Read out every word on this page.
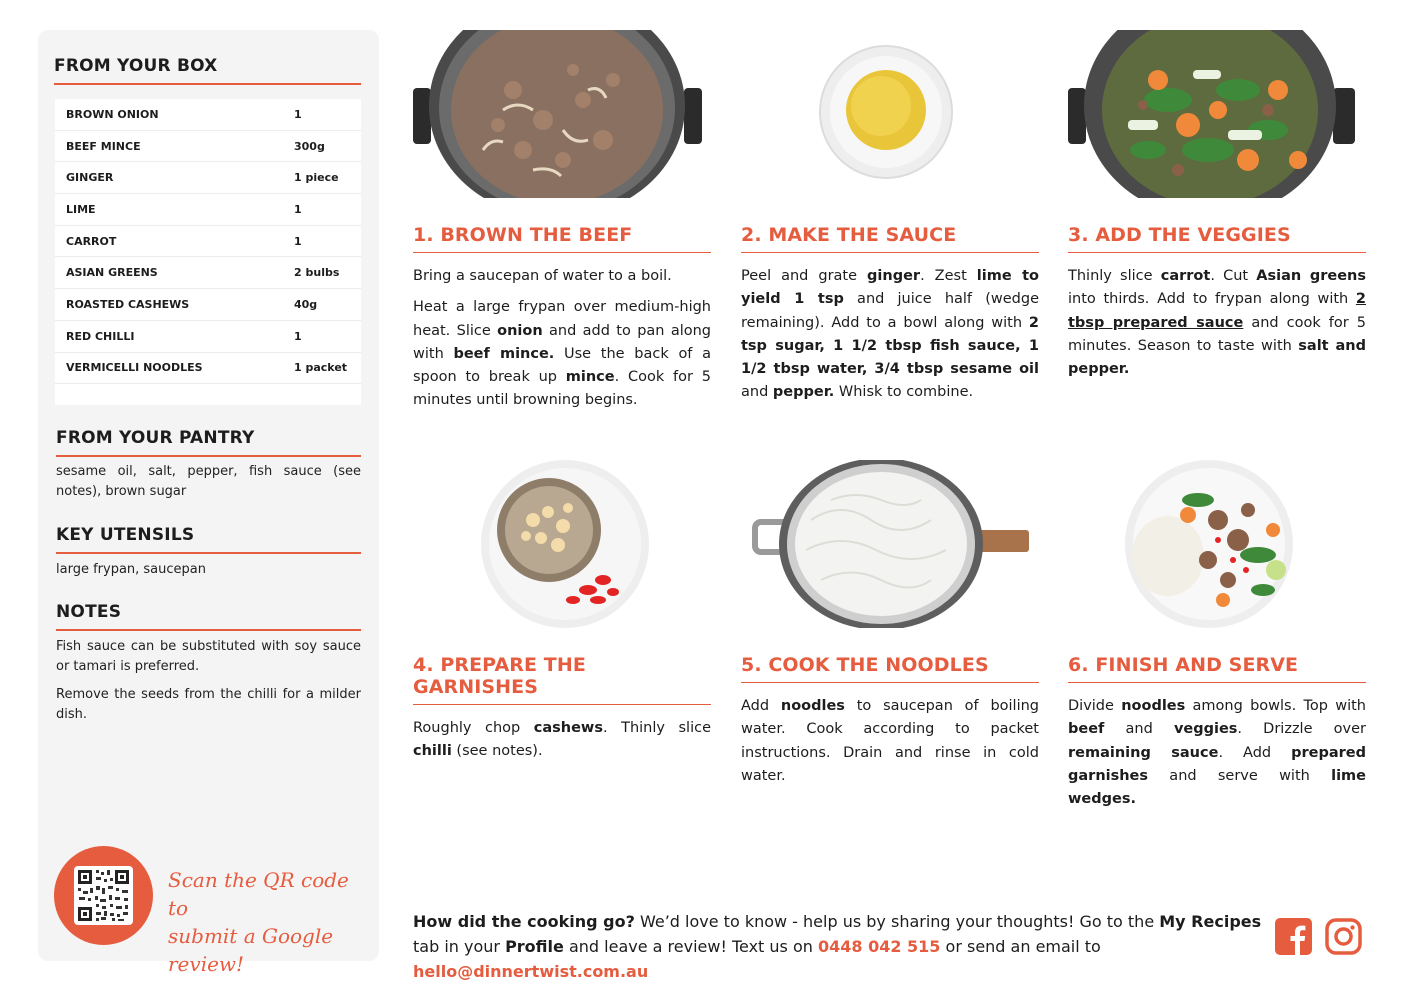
FROM YOUR BOX
BROWN ONION	1
BEEF MINCE	300g
GINGER	1 piece
LIME	1
CARROT	1
ASIAN GREENS	2 bulbs
ROASTED CASHEWS	40g
RED CHILLI	1
VERMICELLI NOODLES	1 packet
FROM YOUR PANTRY
sesame oil, salt, pepper, fish sauce (see notes), brown sugar
KEY UTENSILS
large frypan, saucepan
NOTES

Fish sauce can be substituted with soy sauce or tamari is preferred.

Remove the seeds from the chilli for a milder dish.

Scan the QR code to
submit a Google review!
1. BROWN THE BEEF

Bring a saucepan of water to a boil.

Heat a large frypan over medium-high heat. Slice onion and add to pan along with beef mince. Use the back of a spoon to break up mince. Cook for 5 minutes until browning begins.

2. MAKE THE SAUCE

Peel and grate ginger. Zest lime to yield 1 tsp and juice half (wedge remaining). Add to a bowl along with 2 tsp sugar, 1 1/2 tbsp fish sauce, 1 1/2 tbsp water, 3/4 tbsp sesame oil and pepper. Whisk to combine.

3. ADD THE VEGGIES

Thinly slice carrot. Cut Asian greens into thirds. Add to frypan along with 2 tbsp prepared sauce and cook for 5 minutes. Season to taste with salt and pepper.

4. PREPARE THE GARNISHES

Roughly chop cashews. Thinly slice chilli (see notes).

5. COOK THE NOODLES

Add noodles to saucepan of boiling water. Cook according to packet instructions. Drain and rinse in cold water.

6. FINISH AND SERVE

Divide noodles among bowls. Top with beef and veggies. Drizzle over remaining sauce. Add prepared garnishes and serve with lime wedges.

How did the cooking go? We’d love to know - help us by sharing your thoughts! Go to the My Recipes tab in your Profile and leave a review! Text us on 0448 042 515 or send an email to hello@dinnertwist.com.au
